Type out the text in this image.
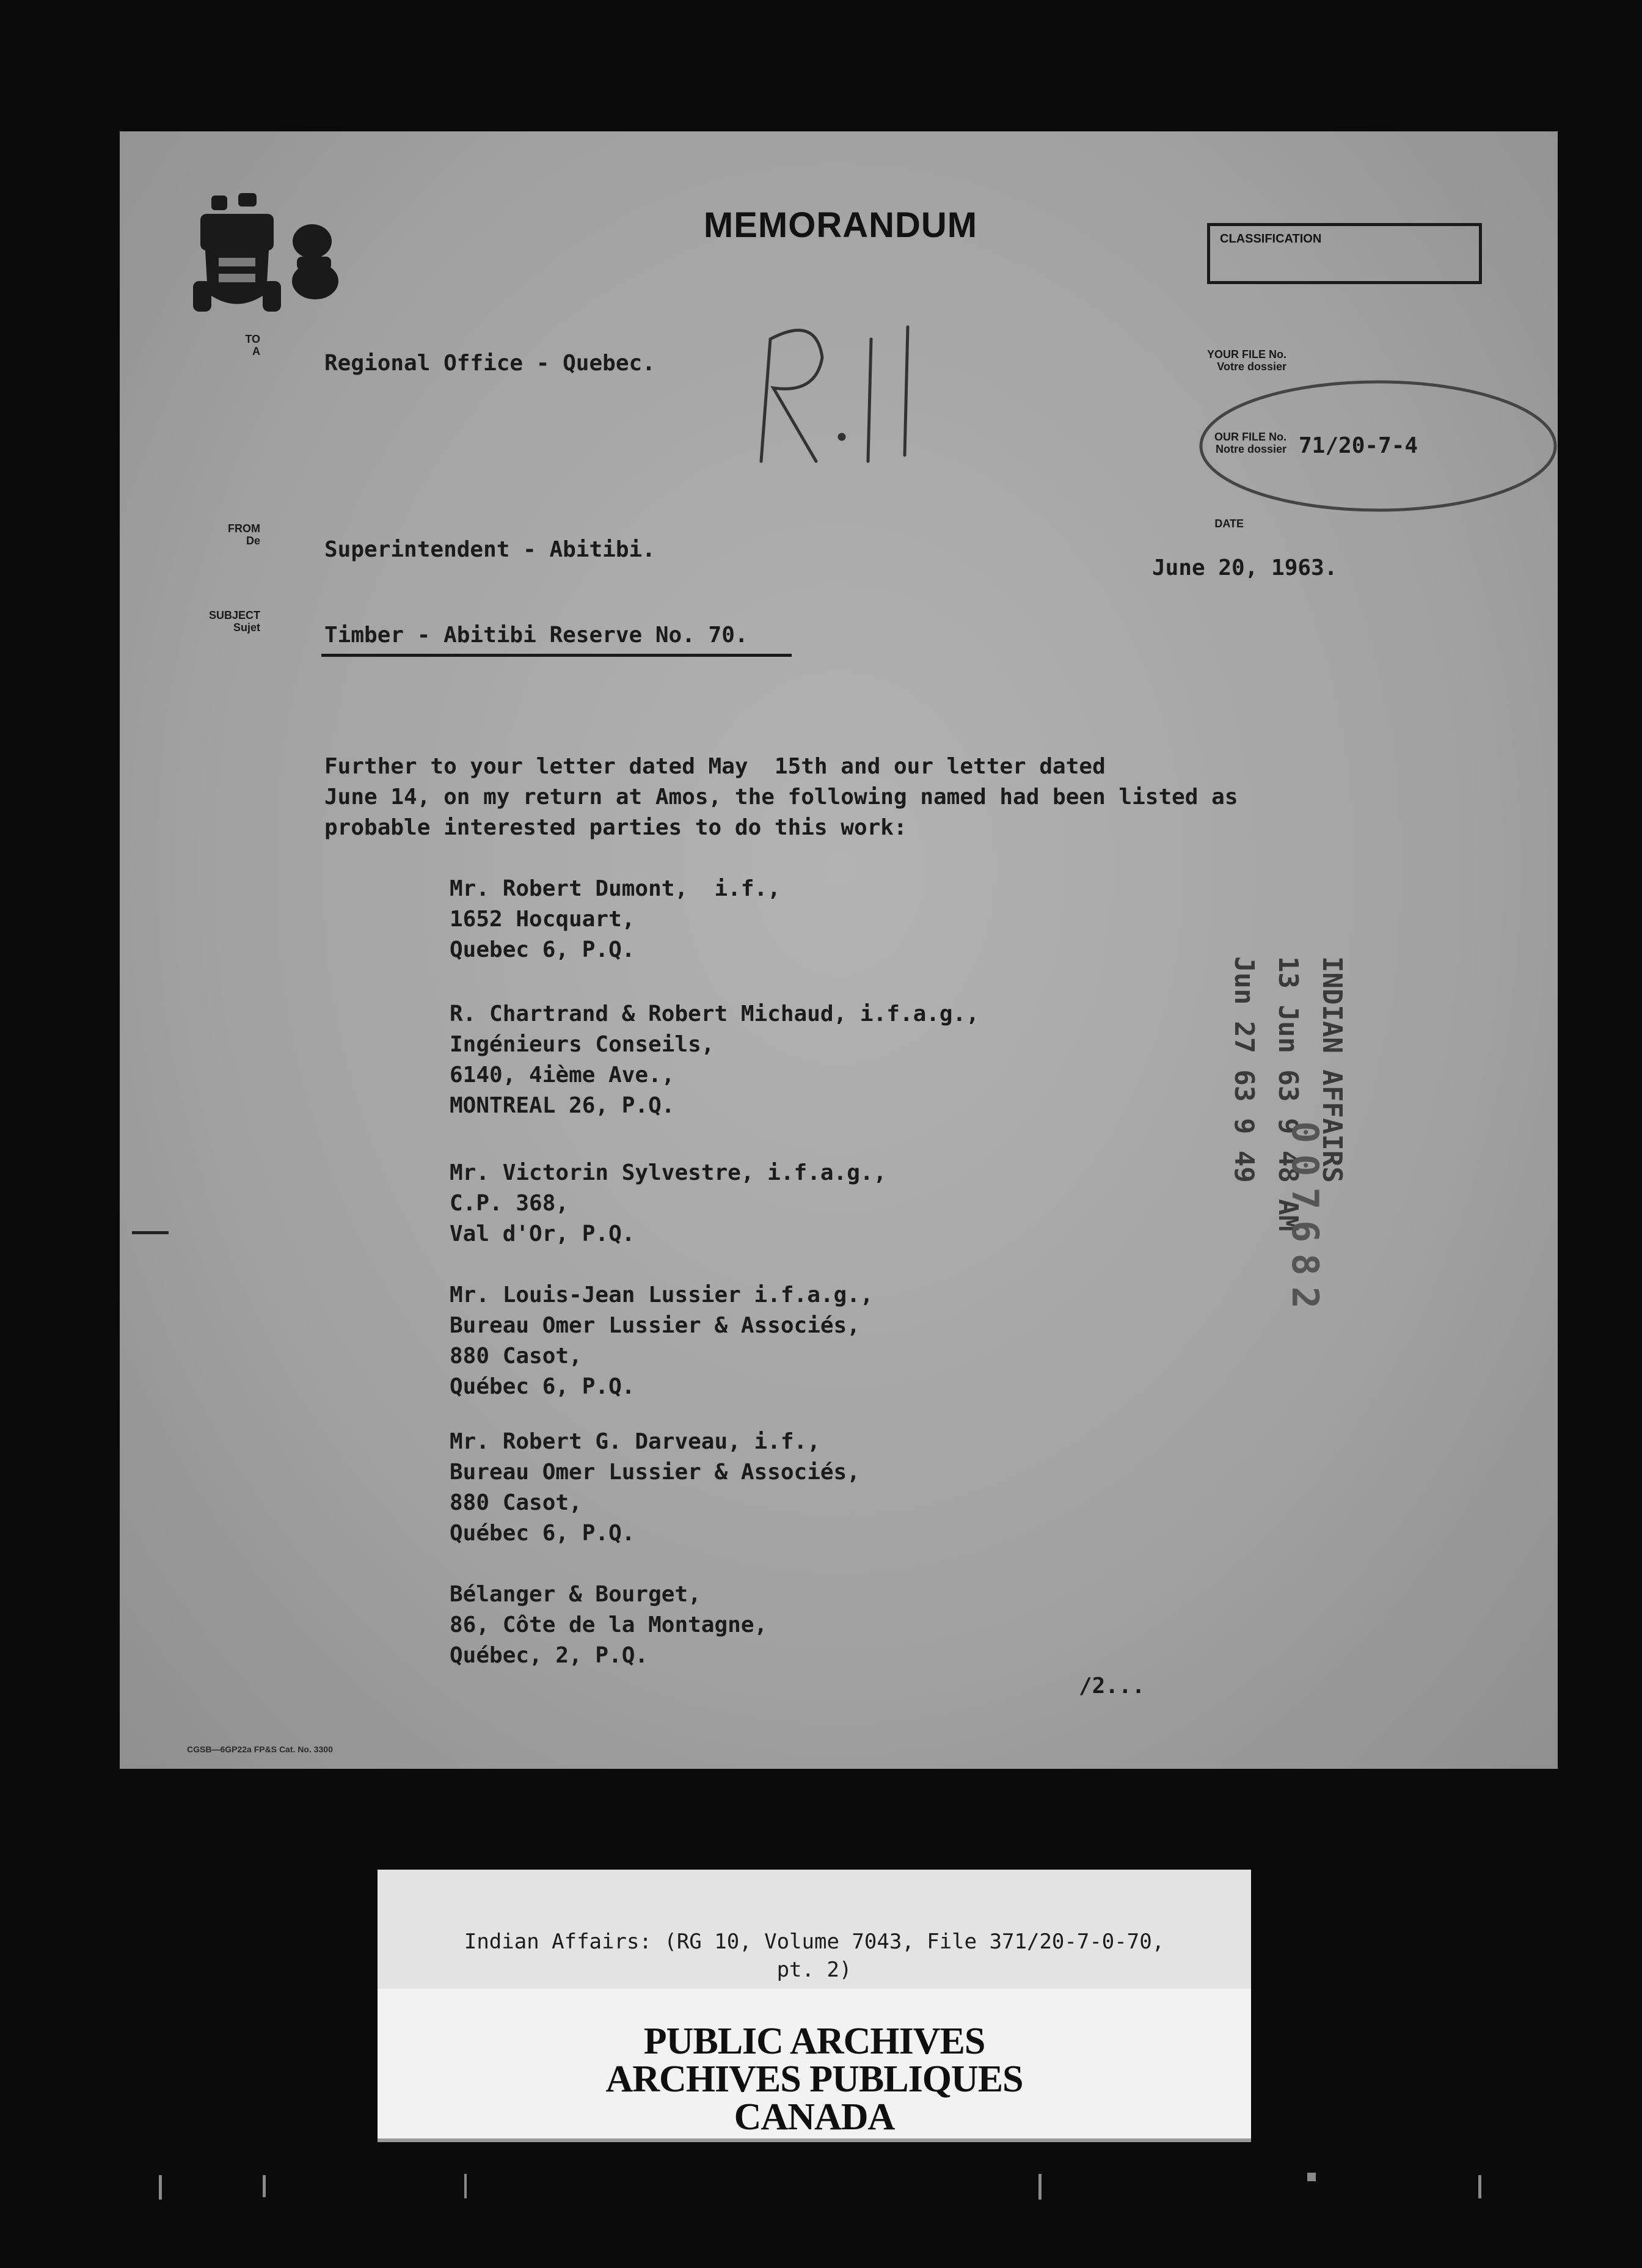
MEMORANDUM	CLASSIFICATION
TO
A	Regional Office - Quebec.	YOUR FILE No.
Votre dossier
OUR FILE No.
Notre dossier 71/20-7-4
DATE
June 20, 1963.
FROM
De	Superintendent - Abitibi.
SUBJECT
Sujet	Timber - Abitibi Reserve No. 70.
Further to your letter dated May  15th and our letter dated
June 14, on my return at Amos, the following named had been listed as
probable interested parties to do this work:
Mr. Robert Dumont,  i.f.,
1652 Hocquart,
Quebec 6, P.Q.
R. Chartrand & Robert Michaud, i.f.a.g.,
Ingénieurs Conseils,
6140, 4ième Ave.,
MONTREAL 26, P.Q.
Mr. Victorin Sylvestre, i.f.a.g.,
C.P. 368,
Val d'Or, P.Q.
Mr. Louis-Jean Lussier i.f.a.g.,
Bureau Omer Lussier & Associés,
880 Casot,
Québec 6, P.Q.
Mr. Robert G. Darveau, i.f.,
Bureau Omer Lussier & Associés,
880 Casot,
Québec 6, P.Q.
Bélanger & Bourget,
86, Côte de la Montagne,
Québec, 2, P.Q.
/2...
INDIAN AFFAIRS
13 Jun 63 9 48 AM
Jun 27 63 9 49
007682
CGSB—6GP22a FP&S Cat. No. 3300
Indian Affairs: (RG 10, Volume 7043, File 371/20-7-0-70,
pt. 2)
PUBLIC ARCHIVES
ARCHIVES PUBLIQUES
CANADA
